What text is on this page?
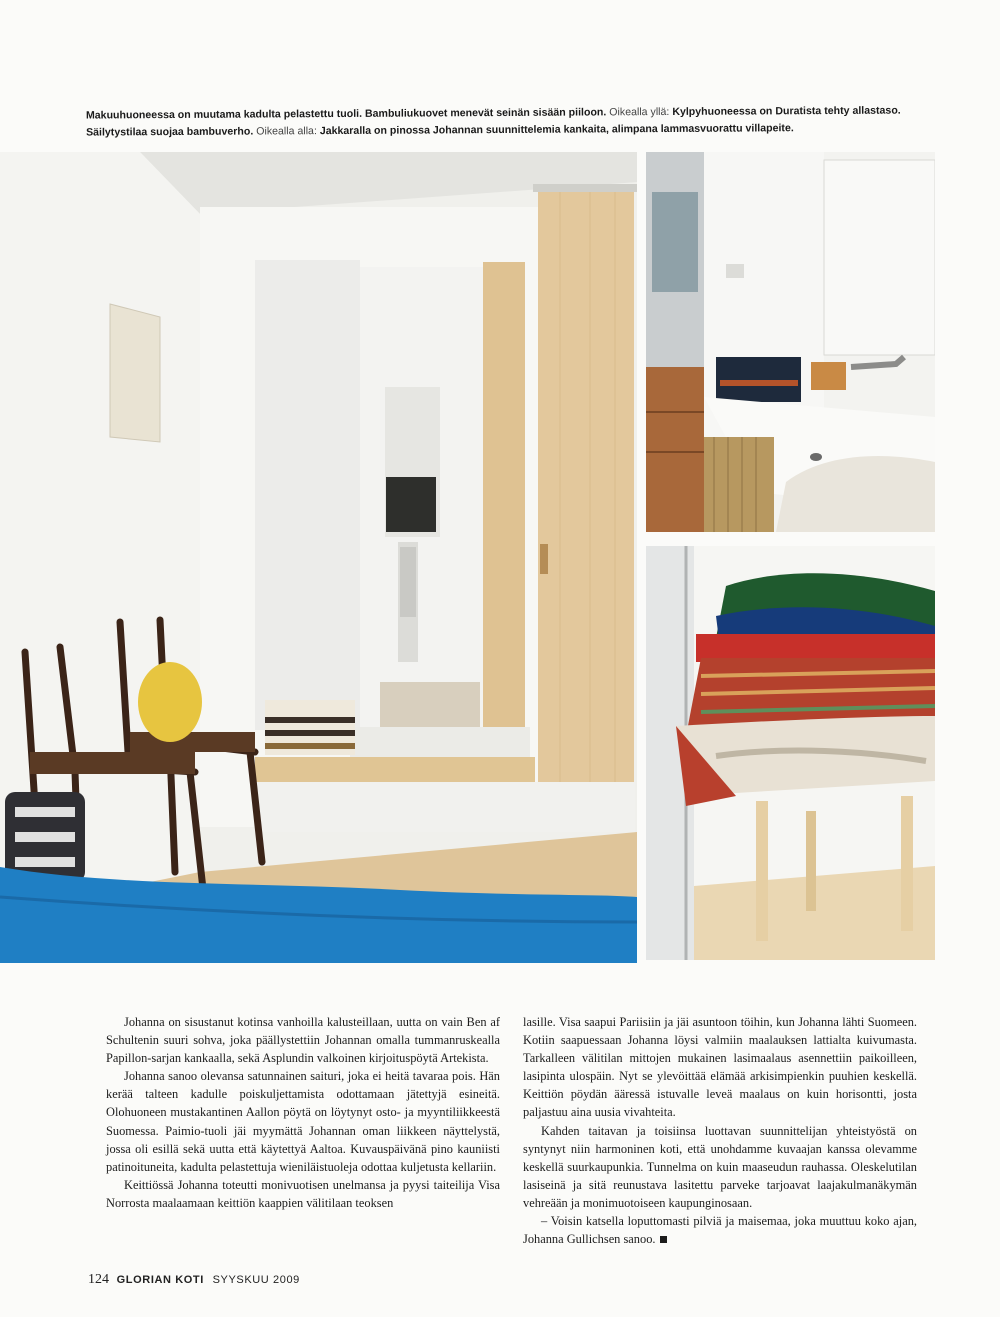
Makuuhuoneessa on muutama kadulta pelastettu tuoli. Bambuliukuovet menevät seinän sisään piiloon. Oikealla yllä: Kylpyhuoneessa on Duratista tehty allastaso. Säilytystilaa suojaa bambuverho. Oikealla alla: Jakkaralla on pinossa Johannan suunnittelemia kankaita, alimpana lammasvuorattu villapeite.

Johanna on sisustanut kotinsa vanhoilla kalusteillaan, uutta on vain Ben af Schultenin suuri sohva, joka päällystettiin Johannan omalla tummanruskealla Papillon-sarjan kankaalla, sekä Asplundin valkoinen kirjoituspöytä Artekista.

Johanna sanoo olevansa satunnainen saituri, joka ei heitä tavaraa pois. Hän kerää talteen kadulle poiskuljettamista odottamaan jätettyjä esineitä. Olohuoneen mustakantinen Aallon pöytä on löytynyt osto- ja myyntiliikkeestä Suomessa. Paimio-tuoli jäi myymättä Johannan oman liikkeen näyttelystä, jossa oli esillä sekä uutta että käytettyä Aaltoa. Kuvauspäivänä pino kauniisti patinoituneita, kadulta pelastettuja wieniläistuoleja odottaa kuljetusta kellariin.

Keittiössä Johanna toteutti monivuotisen unelmansa ja pyysi taiteilija Visa Norrosta maalaamaan keittiön kaappien välitilaan teoksen

lasille. Visa saapui Pariisiin ja jäi asuntoon töihin, kun Johanna lähti Suomeen. Kotiin saapuessaan Johanna löysi valmiin maalauksen lattialta kuivumasta. Tarkalleen välitilan mittojen mukainen lasimaalaus asennettiin paikoilleen, lasipinta ulospäin. Nyt se ylevöittää elämää arkisimpienkin puuhien keskellä. Keittiön pöydän ääressä istuvalle leveä maalaus on kuin horisontti, josta paljastuu aina uusia vivahteita.

Kahden taitavan ja toisiinsa luottavan suunnittelijan yhteistyöstä on syntynyt niin harmoninen koti, että unohdamme kuvaajan kanssa olevamme keskellä suurkaupunkia. Tunnelma on kuin maaseudun rauhassa. Oleskelutilan lasiseinä ja sitä reunustava lasitettu parveke tarjoavat laajakulmanäkymän vehreään ja monimuotoiseen kaupunginosaan.

– Voisin katsella loputtomasti pilviä ja maisemaa, joka muuttuu koko ajan, Johanna Gullichsen sanoo.

124 GLORIAN KOTI SYYSKUU 2009
